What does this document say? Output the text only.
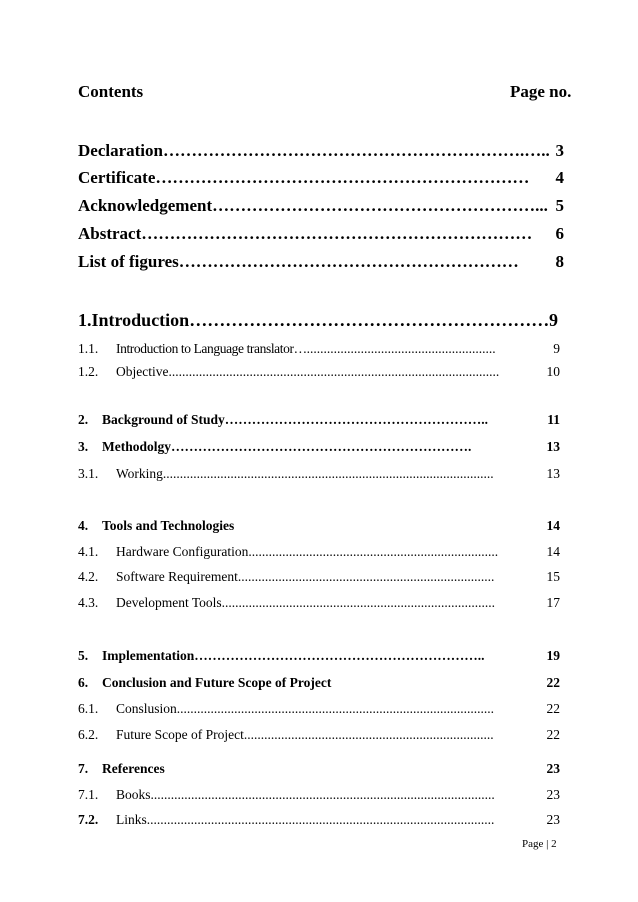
Contents	Page no.
Declaration ……………………………………………………….….. 3
Certificate …………………………………………………………	4
Acknowledgement …………………………………………………... 5
Abstract ……………………………………………………………	6
List of figures ……………………………………………………	8
1.Introduction …………………………………………………… 9
1.1.	Introduction to Language translator… ........................................................	9
1.2.	Objective ..................................................................................................	10
2.	Background of Study …………………………………………………..	11
3.	Methodolgy ………………………………………………………….	13
3.1.	Working ..................................................................................................	13
4.	Tools and Technologies	14
4.1.	Hardware Configuration ..........................................................................	14
4.2.	Software Requirement ............................................................................	15
4.3.	Development Tools .................................................................................	17
5.	Implementation ………………………………………………………..	19
6.	Conclusion and Future Scope of Project	22
6.1.	Conslusion ..............................................................................................	22
6.2.	Future Scope of Project ..........................................................................	22
7.	References	23
7.1.	Books ......................................................................................................	23
7.2.	Links .......................................................................................................	23
Page | 2
